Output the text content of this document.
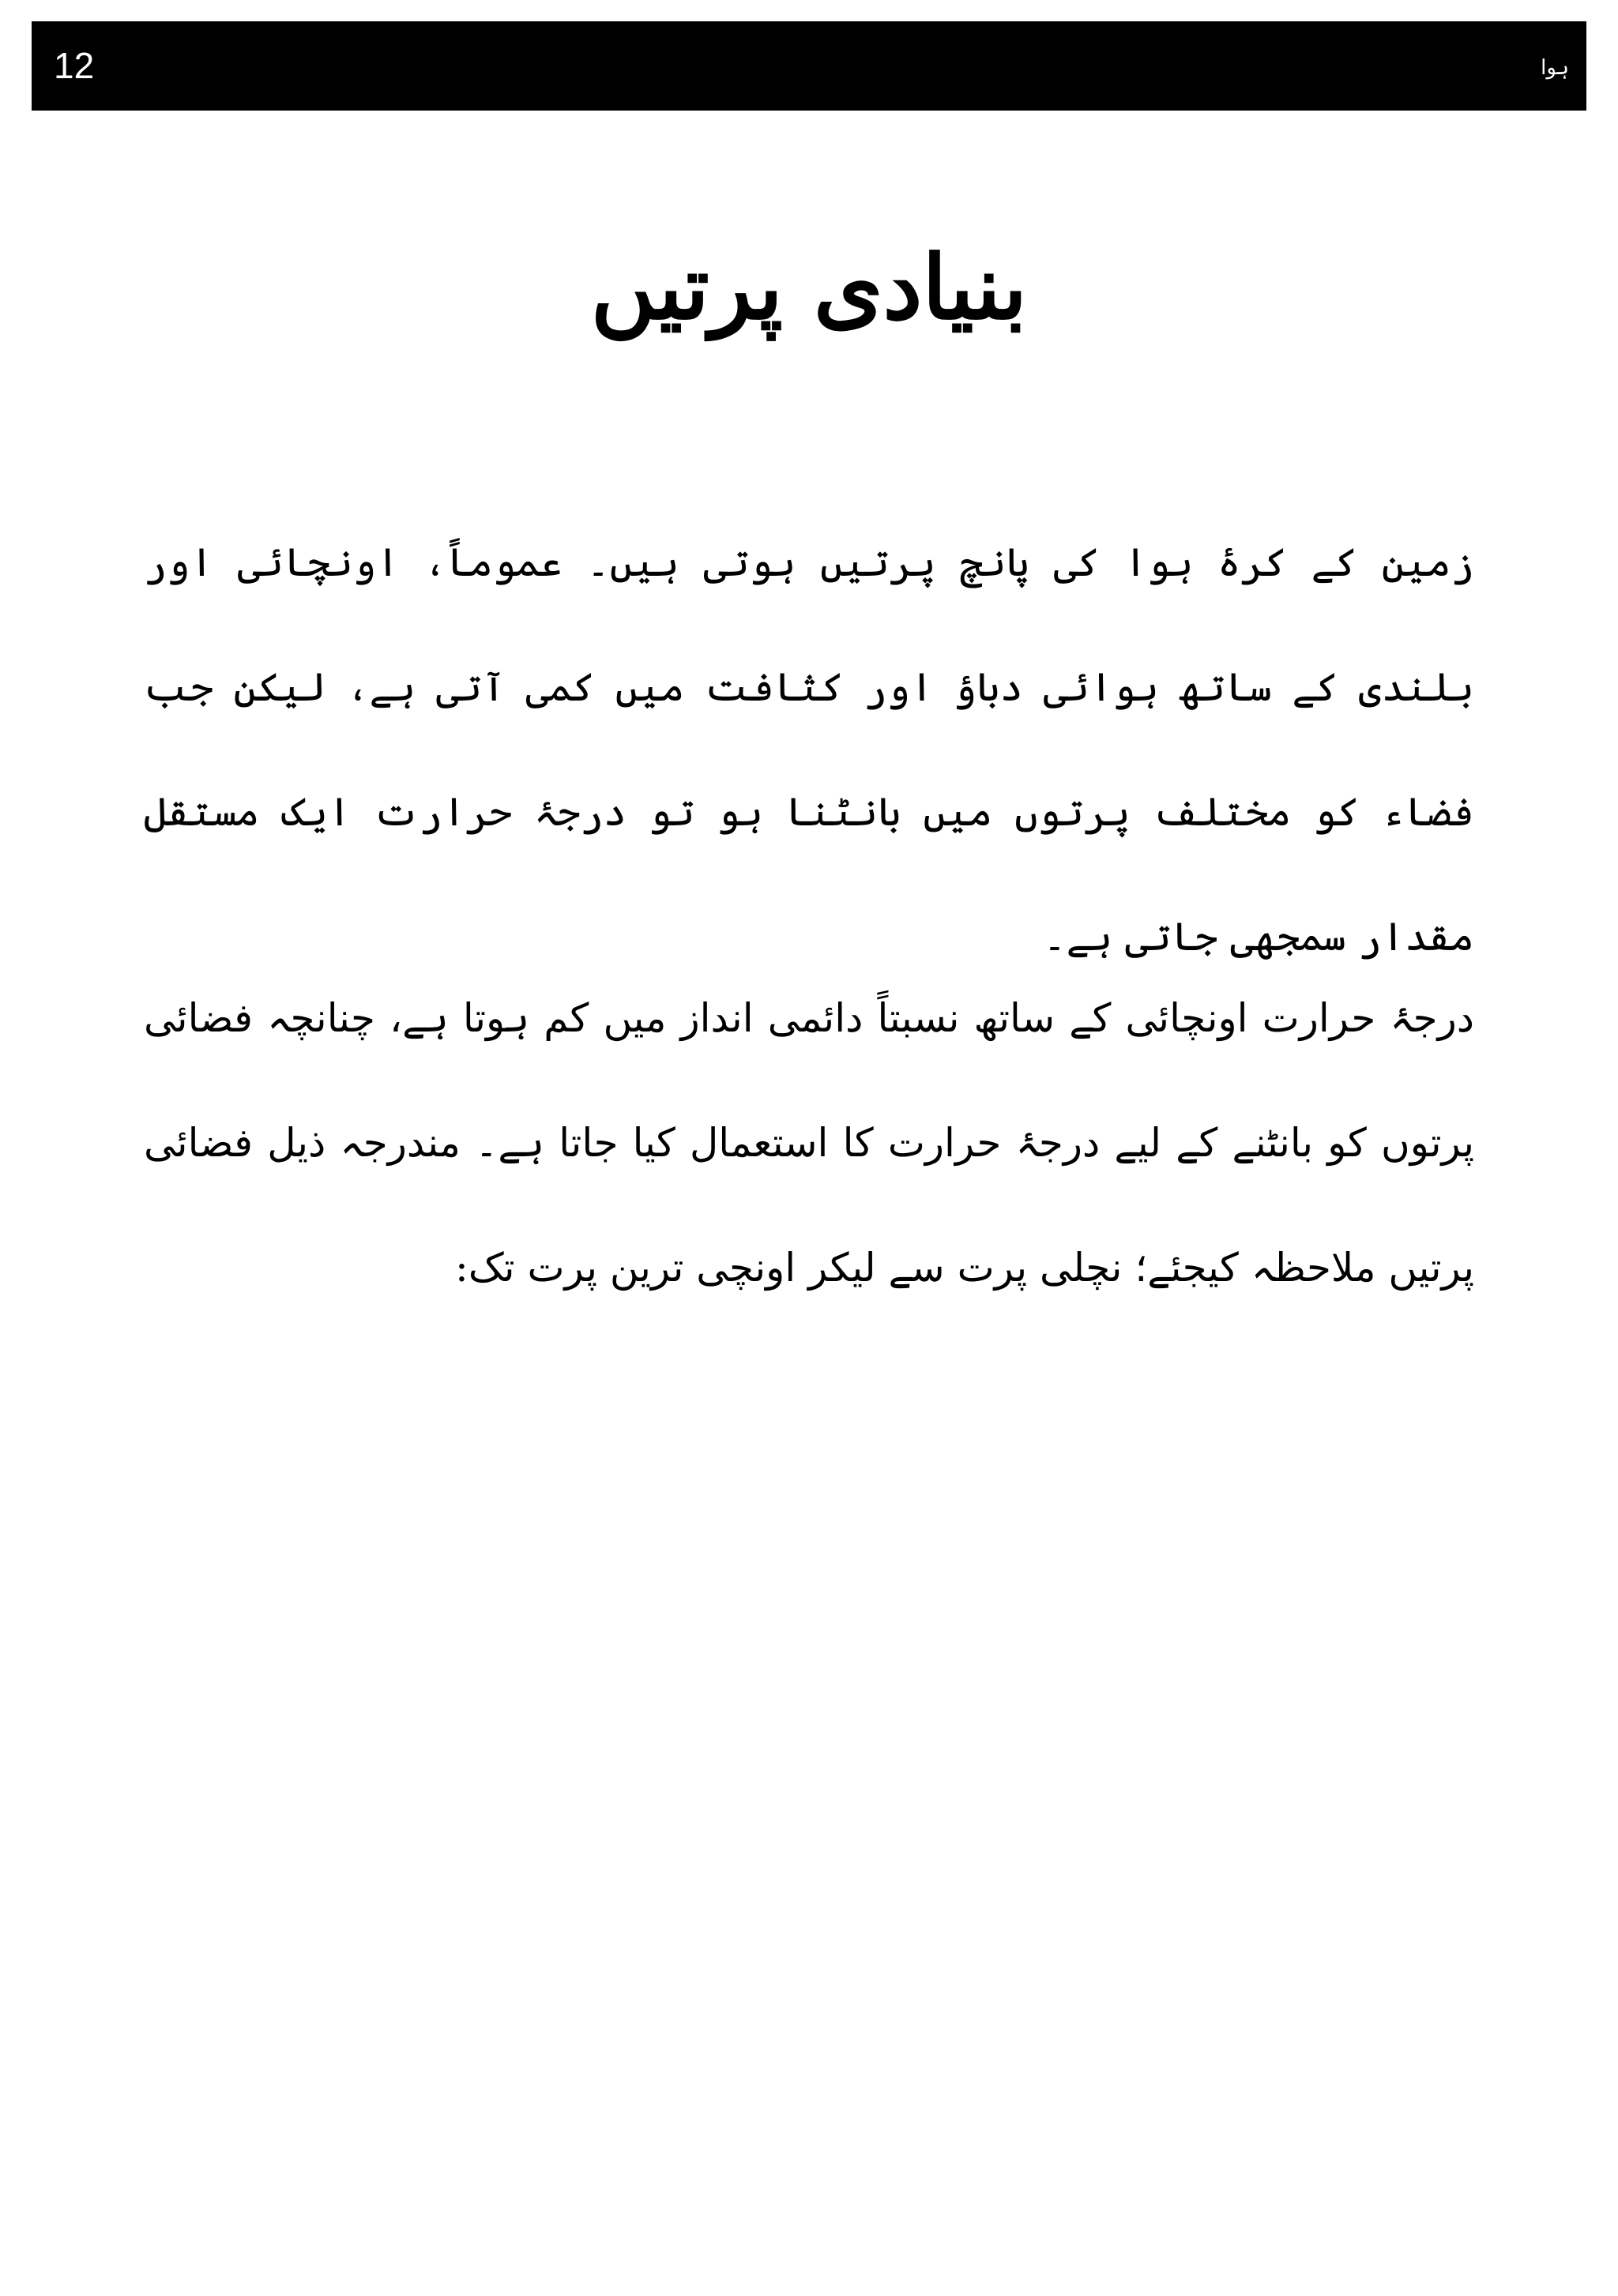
12	ہوا
بنیادی پرتیں

زمین کے کرۂ ہوا کی پانچ پرتیں ہوتی ہیں۔ عموماً، اونچائی اور بلندی کے ساتھ ہوائی دباؤ اور کثافت میں کمی آتی ہے، لیکن جب فضاء کو مختلف پرتوں میں بانٹنا ہو تو درجۂ حرارت ایک مستقل مقدار سمجھی جاتی ہے۔

درجۂ حرارت اونچائی کے ساتھ نسبتاً دائمی انداز میں کم ہوتا ہے، چنانچہ فضائی پرتوں کو بانٹنے کے لیے درجۂ حرارت کا استعمال کیا جاتا ہے۔ مندرجہ ذیل فضائی پرتیں ملاحظہ کیجئے؛ نچلی پرت سے لیکر اونچی ترین پرت تک:
